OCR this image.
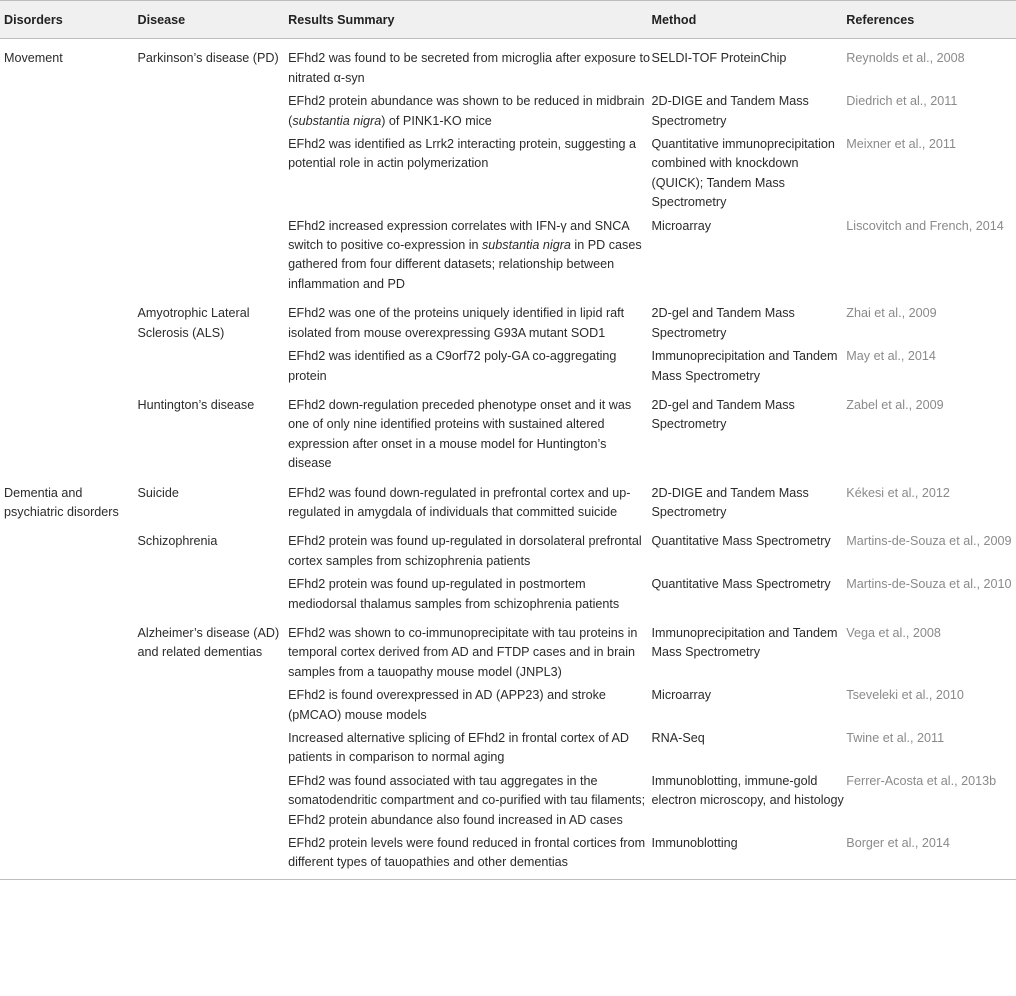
Disorders	Disease	Results Summary	Method	References
Movement	Parkinson’s disease (PD)	EFhd2 was found to be secreted from microglia after exposure to nitrated α-syn	SELDI-TOF ProteinChip	Reynolds et al., 2008
		EFhd2 protein abundance was shown to be reduced in midbrain (substantia nigra) of PINK1-KO mice	2D-DIGE and Tandem Mass Spectrometry	Diedrich et al., 2011
		EFhd2 was identified as Lrrk2 interacting protein, suggesting a potential role in actin polymerization	Quantitative immunoprecipitation combined with knockdown (QUICK); Tandem Mass Spectrometry	Meixner et al., 2011
		EFhd2 increased expression correlates with IFN-γ and SNCA switch to positive co-expression in substantia nigra in PD cases gathered from four different datasets; relationship between inflammation and PD	Microarray	Liscovitch and French, 2014
	Amyotrophic Lateral Sclerosis (ALS)	EFhd2 was one of the proteins uniquely identified in lipid raft isolated from mouse overexpressing G93A mutant SOD1	2D-gel and Tandem Mass Spectrometry	Zhai et al., 2009
		EFhd2 was identified as a C9orf72 poly-GA co-aggregating protein	Immunoprecipitation and Tandem Mass Spectrometry	May et al., 2014
	Huntington’s disease	EFhd2 down-regulation preceded phenotype onset and it was one of only nine identified proteins with sustained altered expression after onset in a mouse model for Huntington’s disease	2D-gel and Tandem Mass Spectrometry	Zabel et al., 2009
Dementia and psychiatric disorders	Suicide	EFhd2 was found down-regulated in prefrontal cortex and up-regulated in amygdala of individuals that committed suicide	2D-DIGE and Tandem Mass Spectrometry	Kékesi et al., 2012
	Schizophrenia	EFhd2 protein was found up-regulated in dorsolateral prefrontal cortex samples from schizophrenia patients	Quantitative Mass Spectrometry	Martins-de-Souza et al., 2009
		EFhd2 protein was found up-regulated in postmortem mediodorsal thalamus samples from schizophrenia patients	Quantitative Mass Spectrometry	Martins-de-Souza et al., 2010
	Alzheimer’s disease (AD) and related dementias	EFhd2 was shown to co-immunoprecipitate with tau proteins in temporal cortex derived from AD and FTDP cases and in brain samples from a tauopathy mouse model (JNPL3)	Immunoprecipitation and Tandem Mass Spectrometry	Vega et al., 2008
		EFhd2 is found overexpressed in AD (APP23) and stroke (pMCAO) mouse models	Microarray	Tseveleki et al., 2010
		Increased alternative splicing of EFhd2 in frontal cortex of AD patients in comparison to normal aging	RNA-Seq	Twine et al., 2011
		EFhd2 was found associated with tau aggregates in the somatodendritic compartment and co-purified with tau filaments; EFhd2 protein abundance also found increased in AD cases	Immunoblotting, immune-gold electron microscopy, and histology	Ferrer-Acosta et al., 2013b
		EFhd2 protein levels were found reduced in frontal cortices from different types of tauopathies and other dementias	Immunoblotting	Borger et al., 2014
